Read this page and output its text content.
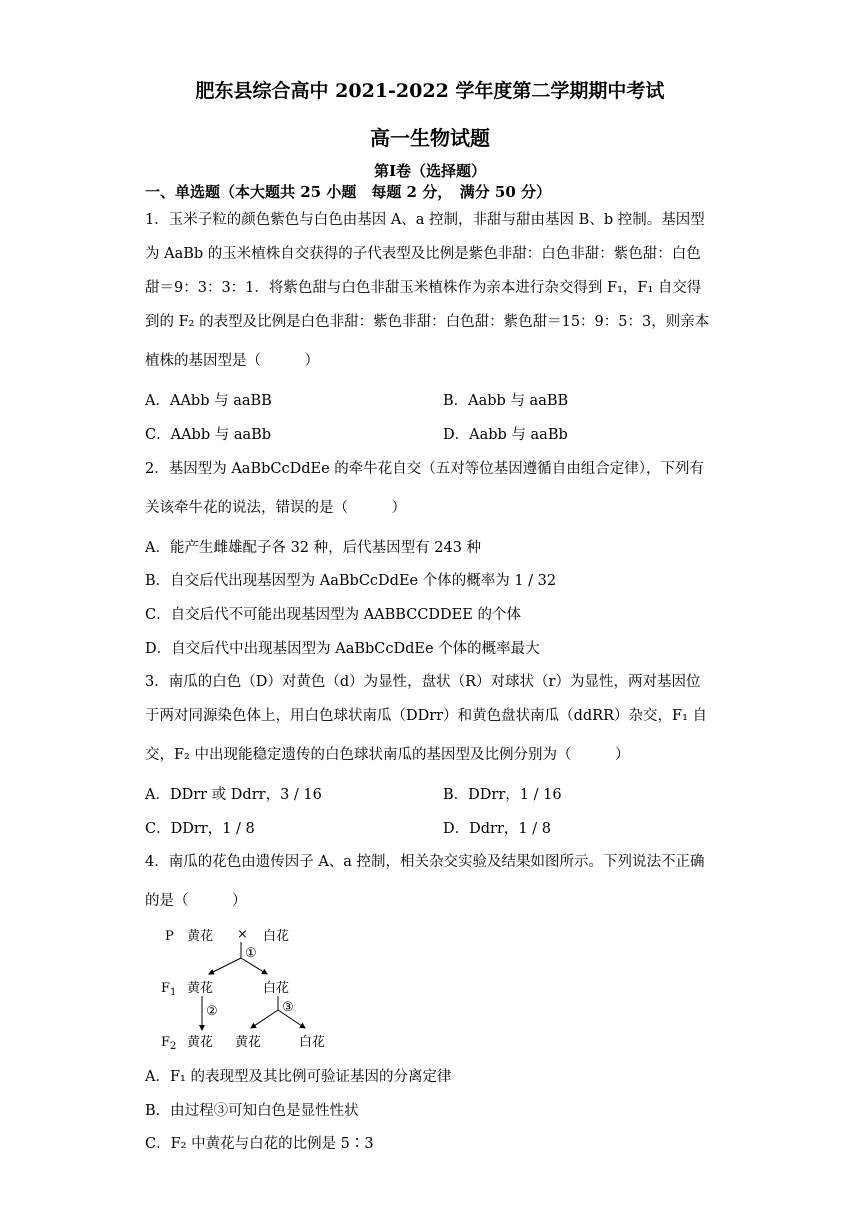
肥东县综合高中 2021-2022 学年度第二学期期中考试
高一生物试题
第Ⅰ卷（选择题）
一、单选题（本大题共 25 小题　每题 2 分，　满分 50 分）
1．玉米子粒的颜色紫色与白色由基因 A、a 控制，非甜与甜由基因 B、b 控制。基因型
为 AaBb 的玉米植株自交获得的子代表型及比例是紫色非甜：白色非甜：紫色甜：白色
甜＝9：3：3：1．将紫色甜与白色非甜玉米植株作为亲本进行杂交得到 F₁，F₁ 自交得
到的 F₂ 的表型及比例是白色非甜：紫色非甜：白色甜：紫色甜＝15：9：5：3，则亲本
植株的基因型是（　　　）
A．AAbb 与 aaBB	B．Aabb 与 aaBB
C．AAbb 与 aaBb	D．Aabb 与 aaBb
2．基因型为 AaBbCcDdEe 的牵牛花自交（五对等位基因遵循自由组合定律），下列有
关该牵牛花的说法，错误的是（　　　）
A．能产生雌雄配子各 32 种，后代基因型有 243 种
B．自交后代出现基因型为 AaBbCcDdEe 个体的概率为 1 / 32
C．自交后代不可能出现基因型为 AABBCCDDEE 的个体
D．自交后代中出现基因型为 AaBbCcDdEe 个体的概率最大
3．南瓜的白色（D）对黄色（d）为显性，盘状（R）对球状（r）为显性，两对基因位
于两对同源染色体上，用白色球状南瓜（DDrr）和黄色盘状南瓜（ddRR）杂交，F₁ 自
交，F₂ 中出现能稳定遗传的白色球状南瓜的基因型及比例分别为（　　　）
A．DDrr 或 Ddrr，3 / 16	B．DDrr，1 / 16
C．DDrr，1 / 8	D．Ddrr，1 / 8
4．南瓜的花色由遗传因子 A、a 控制，相关杂交实验及结果如图所示。下列说法不正确
的是（　　　）
P 黄花 × 白花
①
$F_1$ 黄花	白花
②	③
$F_2$ 黄花 黄花	白花
A．F₁ 的表现型及其比例可验证基因的分离定律
B．由过程③可知白色是显性性状
C．F₂ 中黄花与白花的比例是 5∶3
